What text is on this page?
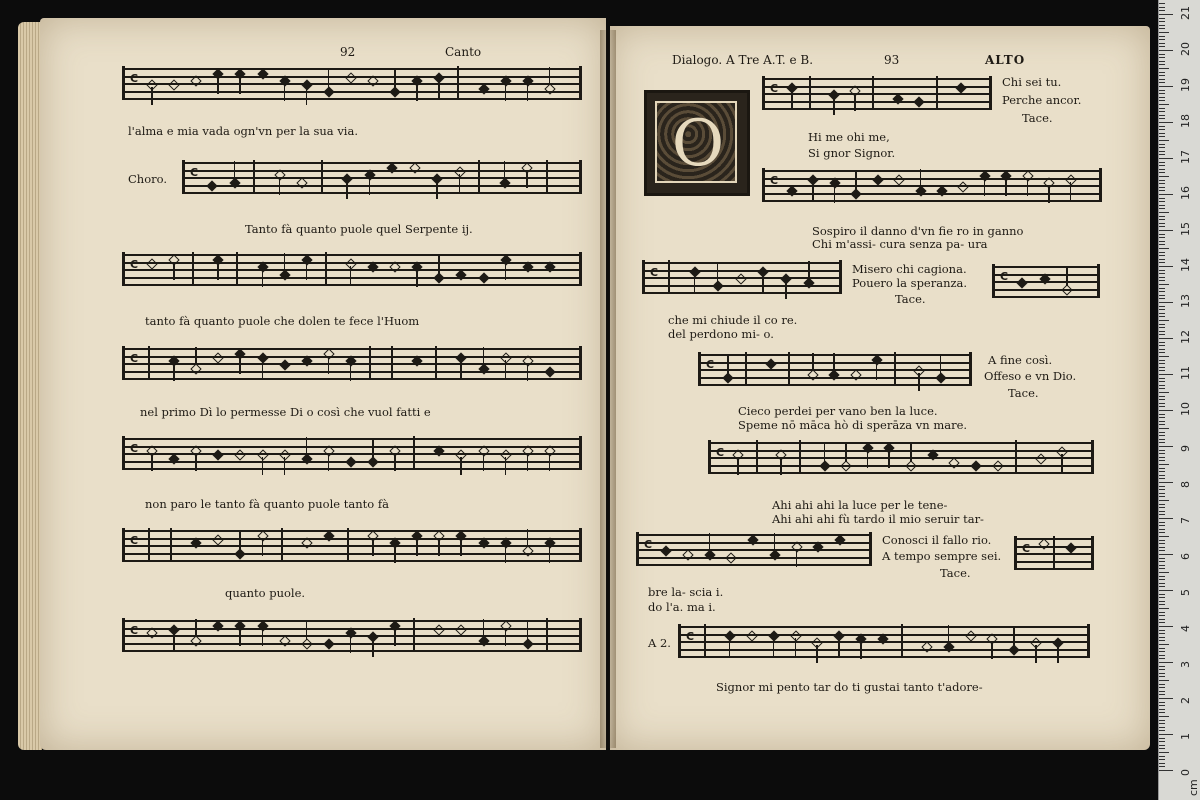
92	Canto
C
l'alma e mia vada ogn'vn per la sua via.
Choro. C
Tanto fà quanto puole quel Serpente ij.
C
tanto fà quanto puole che dolen te fece l'Huom
C
nel primo Dì lo permesse Di o così che vuol fatti e
C
non paro le tanto fà quanto puole tanto fà
C
quanto puole.
C
Dialogo. A Tre A.T. e B.	93	ALTO
O
C	Chi sei tu.
Perche ancor.
Tace.
Hi me ohi me,
Si gnor Signor.
C
Sospiro il danno d'vn fie ro in ganno
Chi m'assi- cura senza pa- ura
C	Misero chi cagiona.
Pouero la speranza.
Tace.
C
che mi chiude il co re.
del perdono mi- o.
C	A fine così.
Offeso e vn Dio.
Tace.
Cieco perdei per vano ben la luce.
Speme nō māca hò di sperāza vn mare.
C
Ahi ahi ahi la luce per le tene-
Ahi ahi ahi fù tardo il mio seruir tar-
C	Conosci il fallo rio.
A tempo sempre sei.
Tace.
C
bre la- scia i.
do l'a. ma i.
A 2. C
Signor mi pento tar do ti gustai tanto t'adore-
0
1
2
3
4
5
6
7
8
9
10
11
12
13
14
15
16
17
18
19
20
21
cm
